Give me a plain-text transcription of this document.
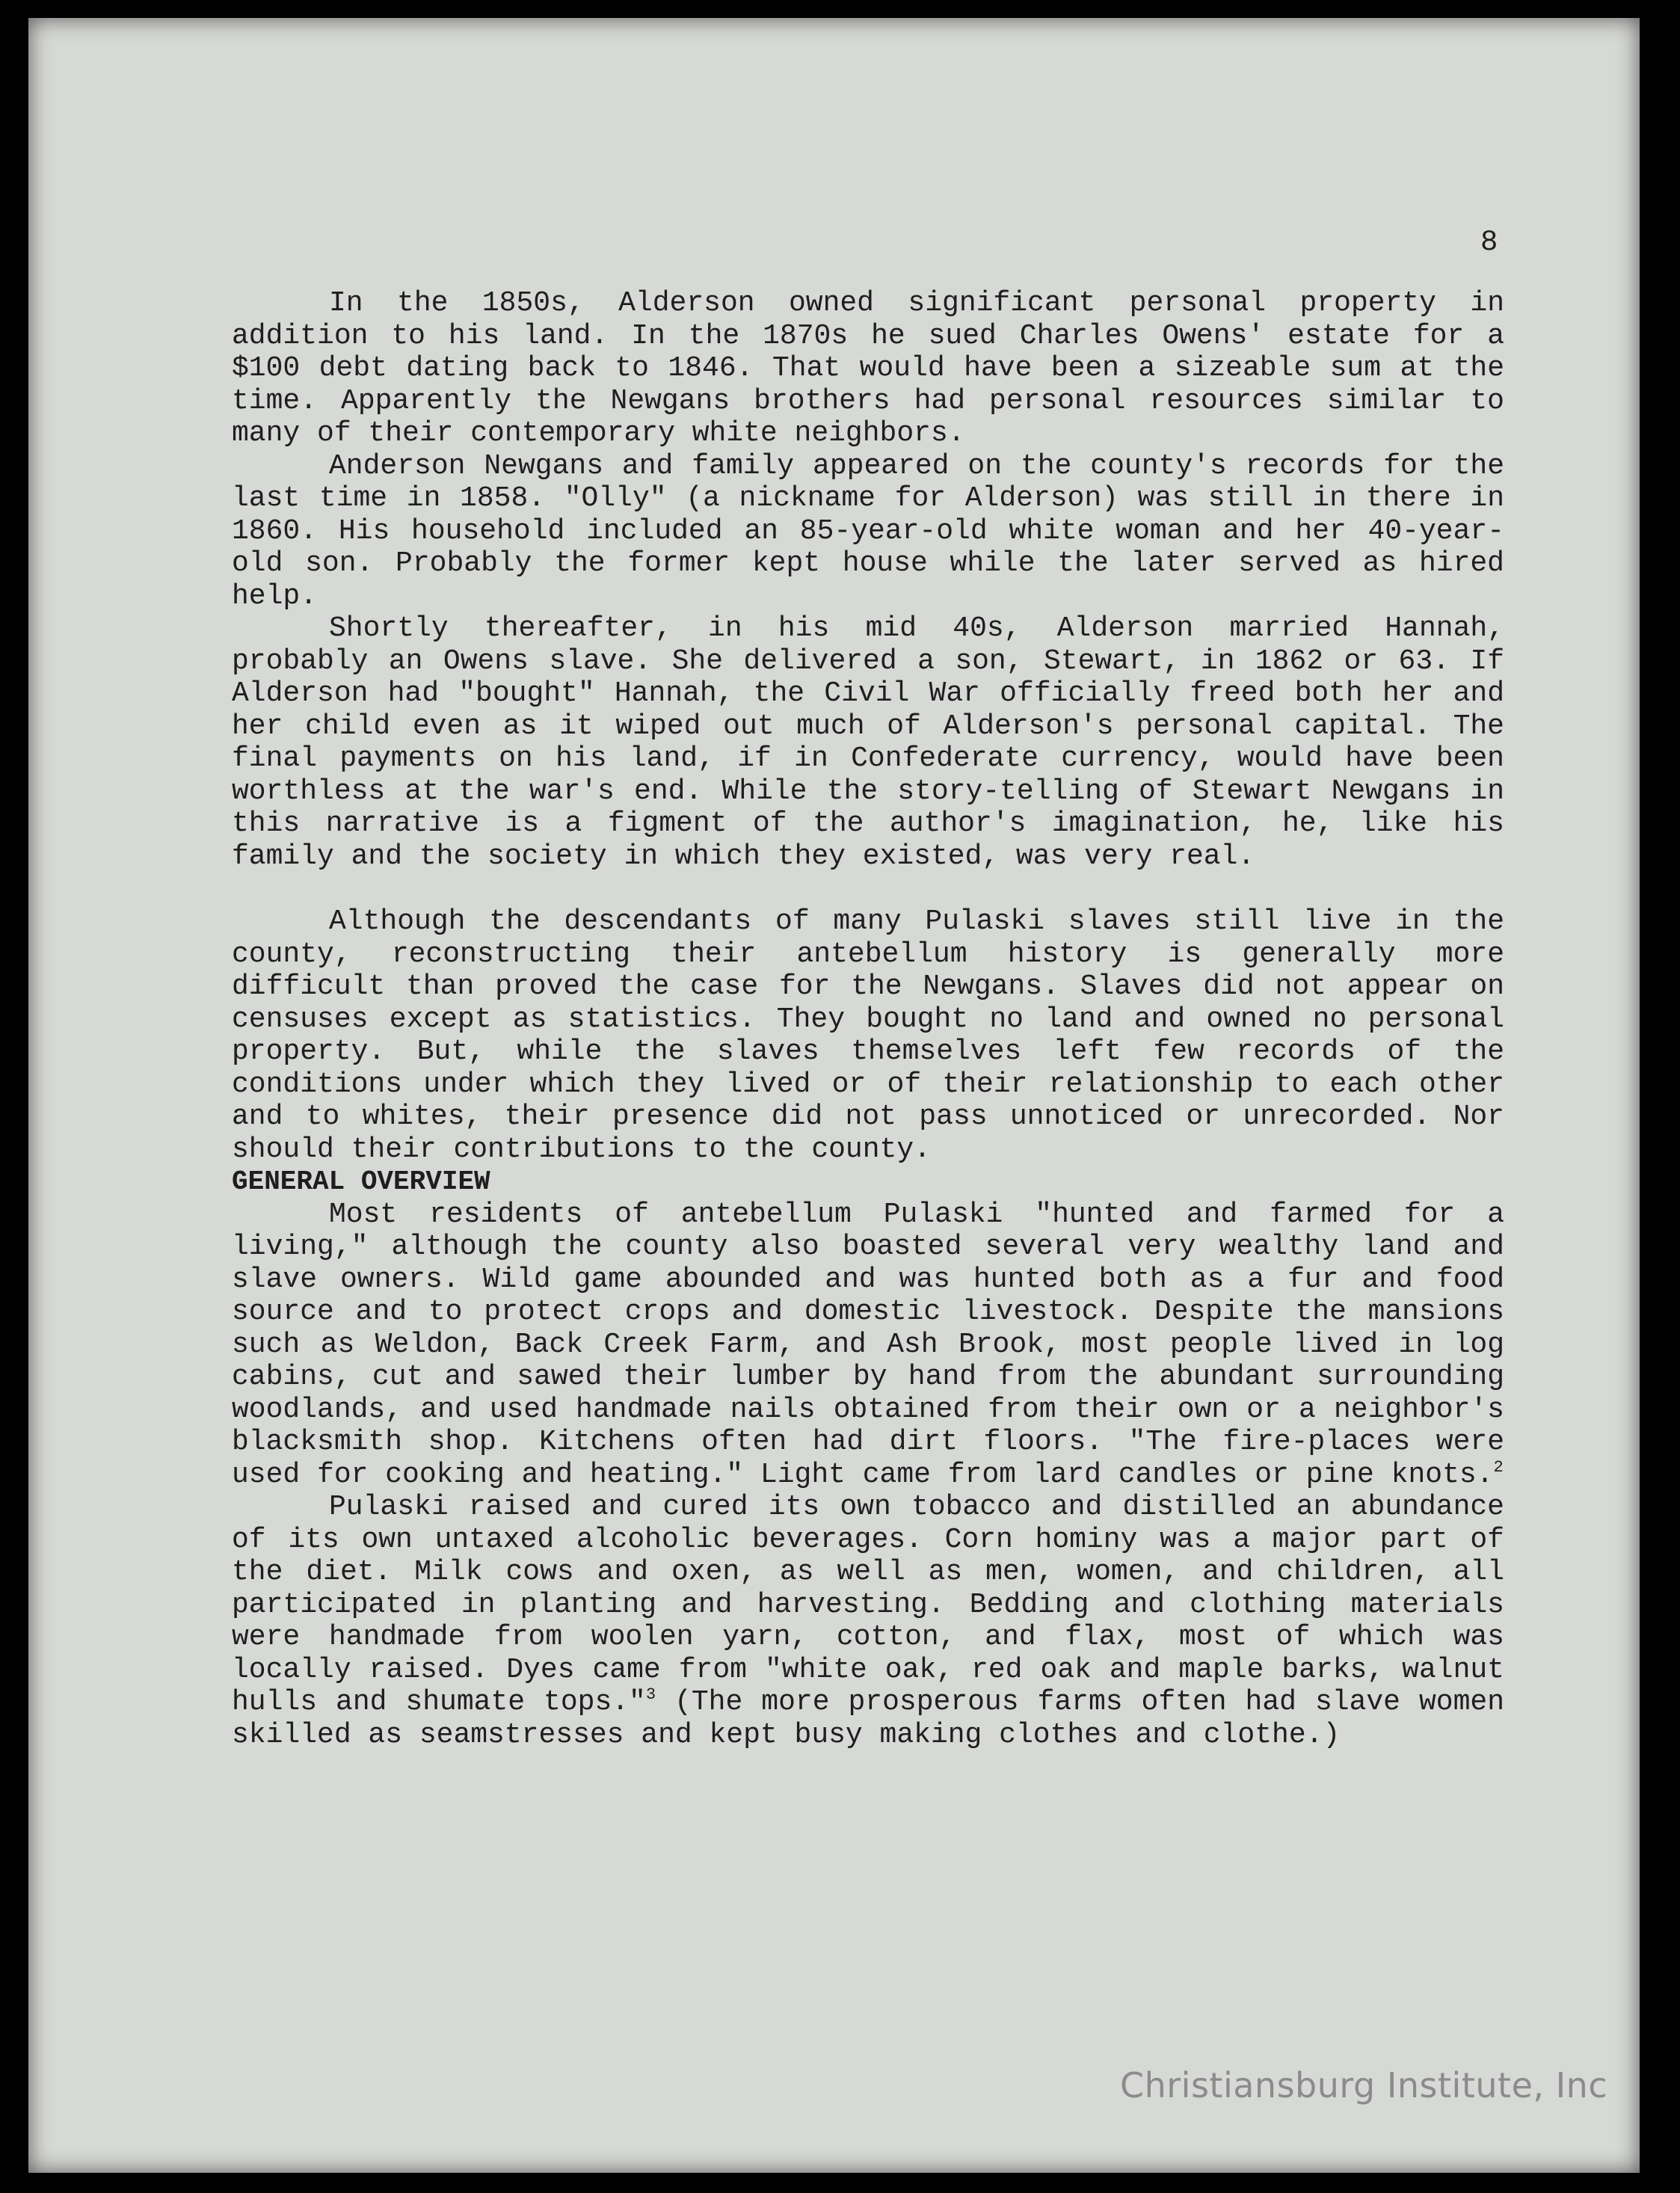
8

In the 1850s, Alderson owned significant personal property in addition to his land. In the 1870s he sued Charles Owens' estate for a $100 debt dating back to 1846. That would have been a sizeable sum at the time. Apparently the Newgans brothers had personal resources similar to many of their contemporary white neighbors.

Anderson Newgans and family appeared on the county's records for the last time in 1858. "Olly" (a nickname for Alderson) was still in there in 1860. His household included an 85-year-old white woman and her 40-year-old son. Probably the former kept house while the later served as hired help.

Shortly thereafter, in his mid 40s, Alderson married Hannah, probably an Owens slave. She delivered a son, Stewart, in 1862 or 63. If Alderson had "bought" Hannah, the Civil War officially freed both her and her child even as it wiped out much of Alderson's personal capital. The final payments on his land, if in Confederate currency, would have been worthless at the war's end. While the story-telling of Stewart Newgans in this narrative is a figment of the author's imagination, he, like his family and the society in which they existed, was very real.

Although the descendants of many Pulaski slaves still live in the county, reconstructing their antebellum history is generally more difficult than proved the case for the Newgans. Slaves did not appear on censuses except as statistics. They bought no land and owned no personal property. But, while the slaves themselves left few records of the conditions under which they lived or of their relationship to each other and to whites, their presence did not pass unnoticed or unrecorded. Nor should their contributions to the county.

GENERAL OVERVIEW

Most residents of antebellum Pulaski "hunted and farmed for a living," although the county also boasted several very wealthy land and slave owners. Wild game abounded and was hunted both as a fur and food source and to protect crops and domestic livestock. Despite the mansions such as Weldon, Back Creek Farm, and Ash Brook, most people lived in log cabins, cut and sawed their lumber by hand from the abundant surrounding woodlands, and used handmade nails obtained from their own or a neighbor's blacksmith shop. Kitchens often had dirt floors. "The fire-places were used for cooking and heating." Light came from lard candles or pine knots.$^2$

Pulaski raised and cured its own tobacco and distilled an abundance of its own untaxed alcoholic beverages. Corn hominy was a major part of the diet. Milk cows and oxen, as well as men, women, and children, all participated in planting and harvesting. Bedding and clothing materials were handmade from woolen yarn, cotton, and flax, most of which was locally raised. Dyes came from "white oak, red oak and maple barks, walnut hulls and shumate tops."$^3$ (The more prosperous farms often had slave women skilled as seamstresses and kept busy making clothes and clothe.)

Christiansburg Institute, Inc
